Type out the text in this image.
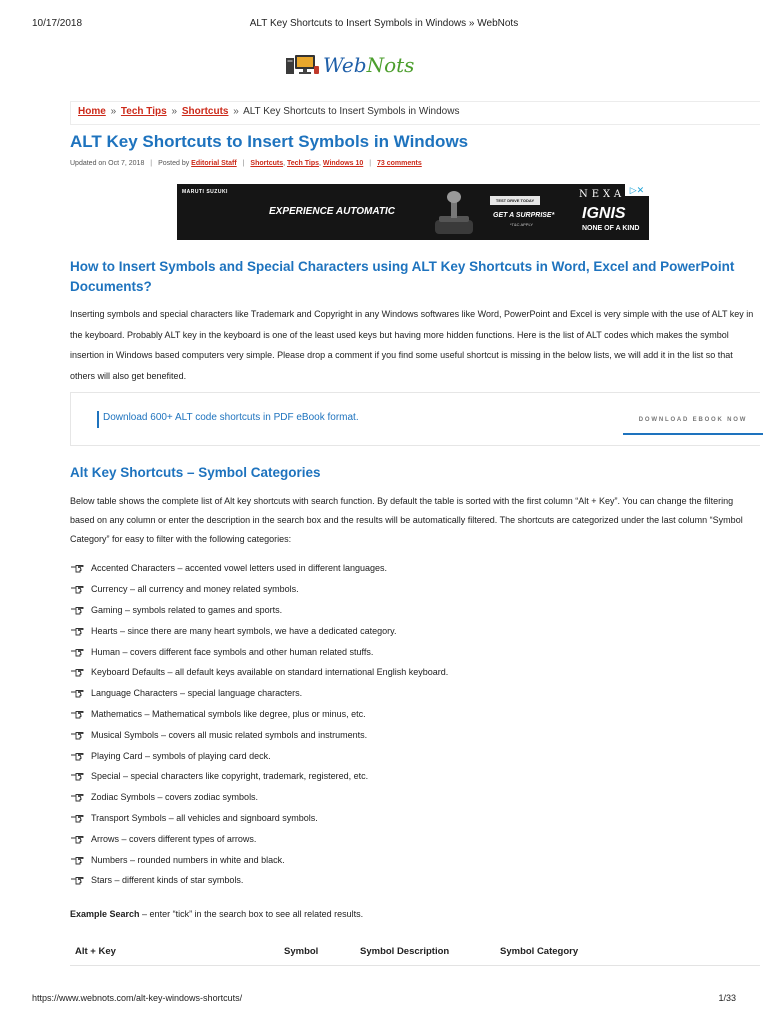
10/17/2018	ALT Key Shortcuts to Insert Symbols in Windows » WebNots
WebNots
Home » Tech Tips » Shortcuts » ALT Key Shortcuts to Insert Symbols in Windows
ALT Key Shortcuts to Insert Symbols in Windows
Updated on Oct 7, 2018 | Posted by Editorial Staff | Shortcuts, Tech Tips, Windows 10 | 73 comments
MARUTI SUZUKI
EXPERIENCE AUTOMATIC
TEST DRIVE TODAY
GET A SURPRISE*
*T&C APPLY
NEXA
IGNIS
NONE OF A KIND
▷✕
How to Insert Symbols and Special Characters using ALT Key Shortcuts in Word, Excel and PowerPoint Documents?

Inserting symbols and special characters like Trademark and Copyright in any Windows softwares like Word, PowerPoint and Excel is very simple with the use of ALT key in the keyboard. Probably ALT key in the keyboard is one of the least used keys but having more hidden functions. Here is the list of ALT codes which makes the symbol insertion in Windows based computers very simple. Please drop a comment if you find some useful shortcut is missing in the below lists, we will add it in the list so that others will also get benefited.

Download 600+ ALT code shortcuts in PDF eBook format.	DOWNLOAD EBOOK NOW
Alt Key Shortcuts – Symbol Categories

Below table shows the complete list of Alt key shortcuts with search function. By default the table is sorted with the first column “Alt + Key”. You can change the filtering based on any column or enter the description in the search box and the results will be automatically filtered. The shortcuts are categorized under the last column “Symbol Category” for easy to filter with the following categories:

Accented Characters – accented vowel letters used in different languages.
Currency – all currency and money related symbols.
Gaming – symbols related to games and sports.
Hearts – since there are many heart symbols, we have a dedicated category.
Human – covers different face symbols and other human related stuffs.
Keyboard Defaults – all default keys available on standard international English keyboard.
Language Characters – special language characters.
Mathematics – Mathematical symbols like degree, plus or minus, etc.
Musical Symbols – covers all music related symbols and instruments.
Playing Card – symbols of playing card deck.
Special – special characters like copyright, trademark, registered, etc.
Zodiac Symbols – covers zodiac symbols.
Transport Symbols – all vehicles and signboard symbols.
Arrows – covers different types of arrows.
Numbers – rounded numbers in white and black.
Stars – different kinds of star symbols.

Example Search – enter “tick” in the search box to see all related results.

Alt + Key	Symbol	Symbol Description	Symbol Category
https://www.webnots.com/alt-key-windows-shortcuts/	1/33
